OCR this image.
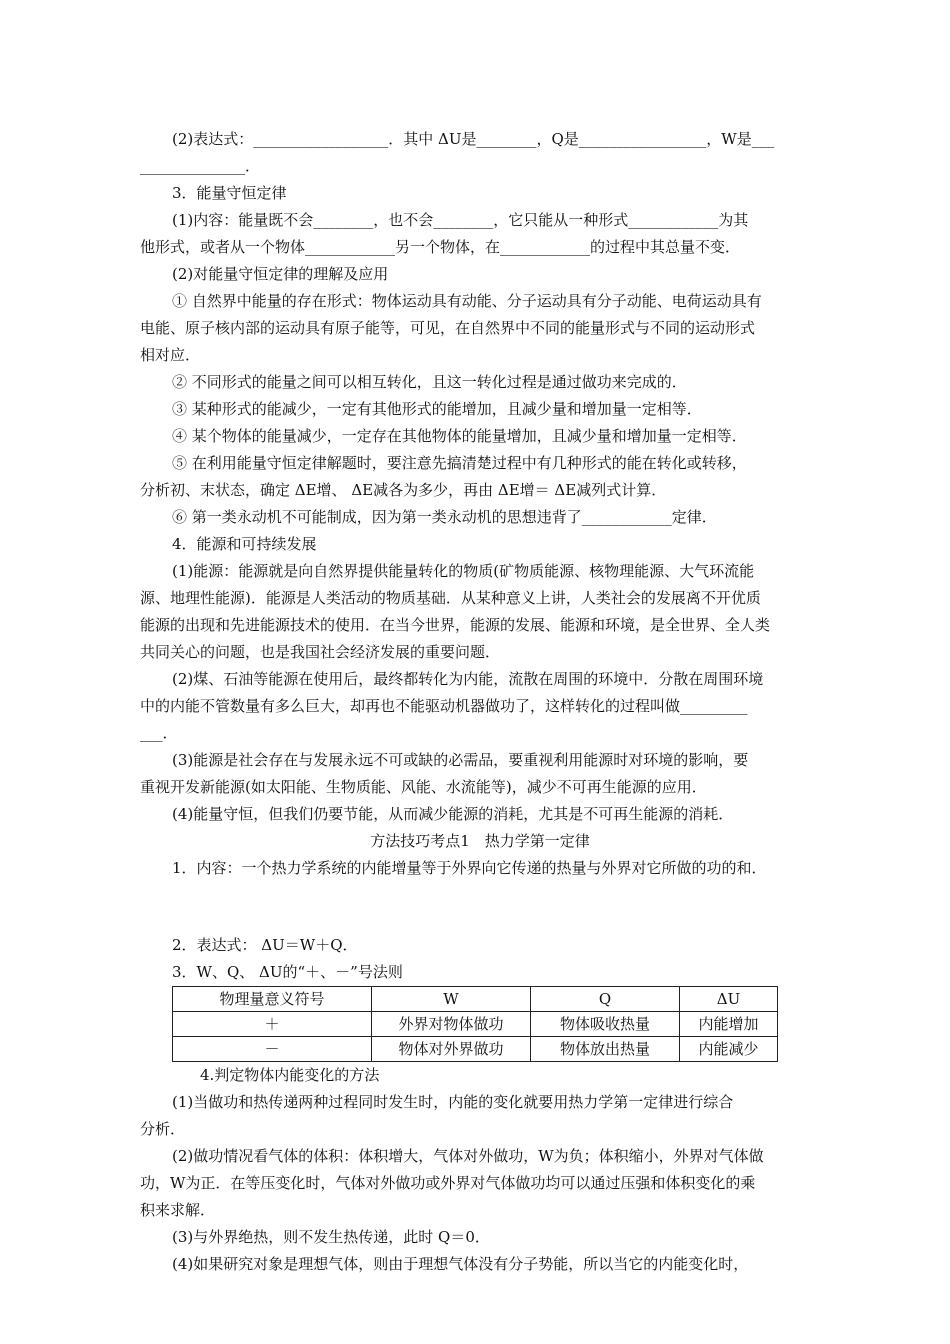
(2)表达式：__________________．其中 ΔU是________，Q是_________________，W是___

______________．

3．能量守恒定律

(1)内容：能量既不会________，也不会________，它只能从一种形式____________为其

他形式，或者从一个物体____________另一个物体，在____________的过程中其总量不变．

(2)对能量守恒定律的理解及应用

① 自然界中能量的存在形式：物体运动具有动能、分子运动具有分子动能、电荷运动具有

电能、原子核内部的运动具有原子能等，可见，在自然界中不同的能量形式与不同的运动形式

相对应．

② 不同形式的能量之间可以相互转化，且这一转化过程是通过做功来完成的．

③ 某种形式的能减少，一定有其他形式的能增加，且减少量和增加量一定相等．

④ 某个物体的能量减少，一定存在其他物体的能量增加，且减少量和增加量一定相等．

⑤ 在利用能量守恒定律解题时，要注意先搞清楚过程中有几种形式的能在转化或转移，

分析初、末状态，确定 ΔE增、 ΔE减各为多少，再由 ΔE增＝ ΔE减列式计算．

⑥ 第一类永动机不可能制成，因为第一类永动机的思想违背了____________定律．

4．能源和可持续发展

(1)能源：能源就是向自然界提供能量转化的物质(矿物质能源、核物理能源、大气环流能

源、地理性能源)．能源是人类活动的物质基础．从某种意义上讲，人类社会的发展离不开优质

能源的出现和先进能源技术的使用．在当今世界，能源的发展、能源和环境，是全世界、全人类

共同关心的问题，也是我国社会经济发展的重要问题．

(2)煤、石油等能源在使用后，最终都转化为内能，流散在周围的环境中．分散在周围环境

中的内能不管数量有多么巨大，却再也不能驱动机器做功了，这样转化的过程叫做_________

___．

(3)能源是社会存在与发展永远不可或缺的必需品，要重视利用能源时对环境的影响，要

重视开发新能源(如太阳能、生物质能、风能、水流能等)，减少不可再生能源的应用．

(4)能量守恒，但我们仍要节能，从而减少能源的消耗，尤其是不可再生能源的消耗．

方法技巧考点1　热力学第一定律

1．内容：一个热力学系统的内能增量等于外界向它传递的热量与外界对它所做的功的和．

2．表达式： ΔU＝W＋Q．

3．W、Q、 ΔU的“＋、－”号法则

物理量意义符号	W	Q	ΔU
＋	外界对物体做功	物体吸收热量	内能增加
－	物体对外界做功	物体放出热量	内能减少

4.判定物体内能变化的方法

(1)当做功和热传递两种过程同时发生时，内能的变化就要用热力学第一定律进行综合

分析．

(2)做功情况看气体的体积：体积增大，气体对外做功，W为负；体积缩小，外界对气体做

功，W为正．在等压变化时，气体对外做功或外界对气体做功均可以通过压强和体积变化的乘

积来求解．

(3)与外界绝热，则不发生热传递，此时 Q＝0．

(4)如果研究对象是理想气体，则由于理想气体没有分子势能，所以当它的内能变化时，
